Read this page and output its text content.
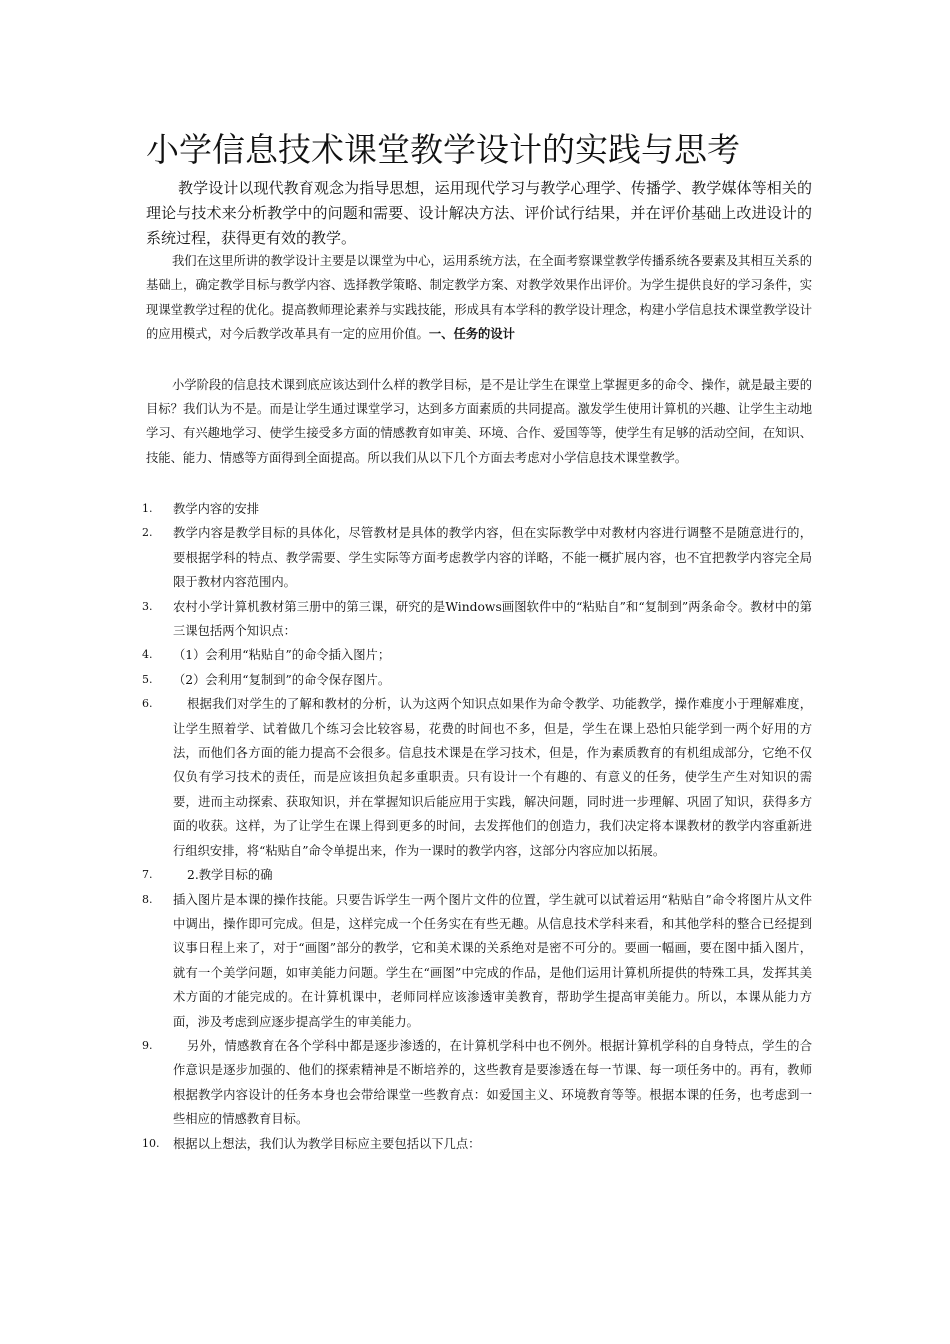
小学信息技术课堂教学设计的实践与思考

教学设计以现代教育观念为指导思想，运用现代学习与教学心理学、传播学、教学媒体等相关的理论与技术来分析教学中的问题和需要、设计解决方法、评价试行结果，并在评价基础上改进设计的系统过程，获得更有效的教学。

我们在这里所讲的教学设计主要是以课堂为中心，运用系统方法，在全面考察课堂教学传播系统各要素及其相互关系的基础上，确定教学目标与教学内容、选择教学策略、制定教学方案、对教学效果作出评价。为学生提供良好的学习条件，实现课堂教学过程的优化。提高教师理论素养与实践技能，形成具有本学科的教学设计理念，构建小学信息技术课堂教学设计的应用模式，对今后教学改革具有一定的应用价值。一、任务的设计

小学阶段的信息技术课到底应该达到什么样的教学目标，是不是让学生在课堂上掌握更多的命令、操作，就是最主要的目标？我们认为不是。而是让学生通过课堂学习，达到多方面素质的共同提高。激发学生使用计算机的兴趣、让学生主动地学习、有兴趣地学习、使学生接受多方面的情感教育如审美、环境、合作、爱国等等，使学生有足够的活动空间，在知识、技能、能力、情感等方面得到全面提高。所以我们从以下几个方面去考虑对小学信息技术课堂教学。

1.	教学内容的安排
2.	教学内容是教学目标的具体化，尽管教材是具体的教学内容，但在实际教学中对教材内容进行调整不是随意进行的，要根据学科的特点、教学需要、学生实际等方面考虑教学内容的详略，不能一概扩展内容，也不宜把教学内容完全局限于教材内容范围内。
3.	农村小学计算机教材第三册中的第三课，研究的是Windows画图软件中的“粘贴自”和“复制到”两条命令。教材中的第三课包括两个知识点：
4.	（1）会利用“粘贴自”的命令插入图片；
5.	（2）会利用“复制到”的命令保存图片。
6.	根据我们对学生的了解和教材的分析，认为这两个知识点如果作为命令教学、功能教学，操作难度小于理解难度，让学生照着学、试着做几个练习会比较容易，花费的时间也不多，但是，学生在课上恐怕只能学到一两个好用的方法，而他们各方面的能力提高不会很多。信息技术课是在学习技术，但是，作为素质教育的有机组成部分，它绝不仅仅负有学习技术的责任，而是应该担负起多重职责。只有设计一个有趣的、有意义的任务，使学生产生对知识的需要，进而主动探索、获取知识，并在掌握知识后能应用于实践，解决问题，同时进一步理解、巩固了知识，获得多方面的收获。这样，为了让学生在课上得到更多的时间，去发挥他们的创造力，我们决定将本课教材的教学内容重新进行组织安排，将“粘贴自”命令单提出来，作为一课时的教学内容，这部分内容应加以拓展。
7.	2.教学目标的确
8.	插入图片是本课的操作技能。只要告诉学生一两个图片文件的位置，学生就可以试着运用“粘贴自”命令将图片从文件中调出，操作即可完成。但是，这样完成一个任务实在有些无趣。从信息技术学科来看，和其他学科的整合已经提到议事日程上来了，对于“画图”部分的教学，它和美术课的关系绝对是密不可分的。要画一幅画，要在图中插入图片，就有一个美学问题，如审美能力问题。学生在“画图”中完成的作品，是他们运用计算机所提供的特殊工具，发挥其美术方面的才能完成的。在计算机课中，老师同样应该渗透审美教育，帮助学生提高审美能力。所以，本课从能力方面，涉及考虑到应逐步提高学生的审美能力。
9.	另外，情感教育在各个学科中都是逐步渗透的，在计算机学科中也不例外。根据计算机学科的自身特点，学生的合作意识是逐步加强的、他们的探索精神是不断培养的，这些教育是要渗透在每一节课、每一项任务中的。再有，教师根据教学内容设计的任务本身也会带给课堂一些教育点：如爱国主义、环境教育等等。根据本课的任务，也考虑到一些相应的情感教育目标。
10.	根据以上想法，我们认为教学目标应主要包括以下几点：
